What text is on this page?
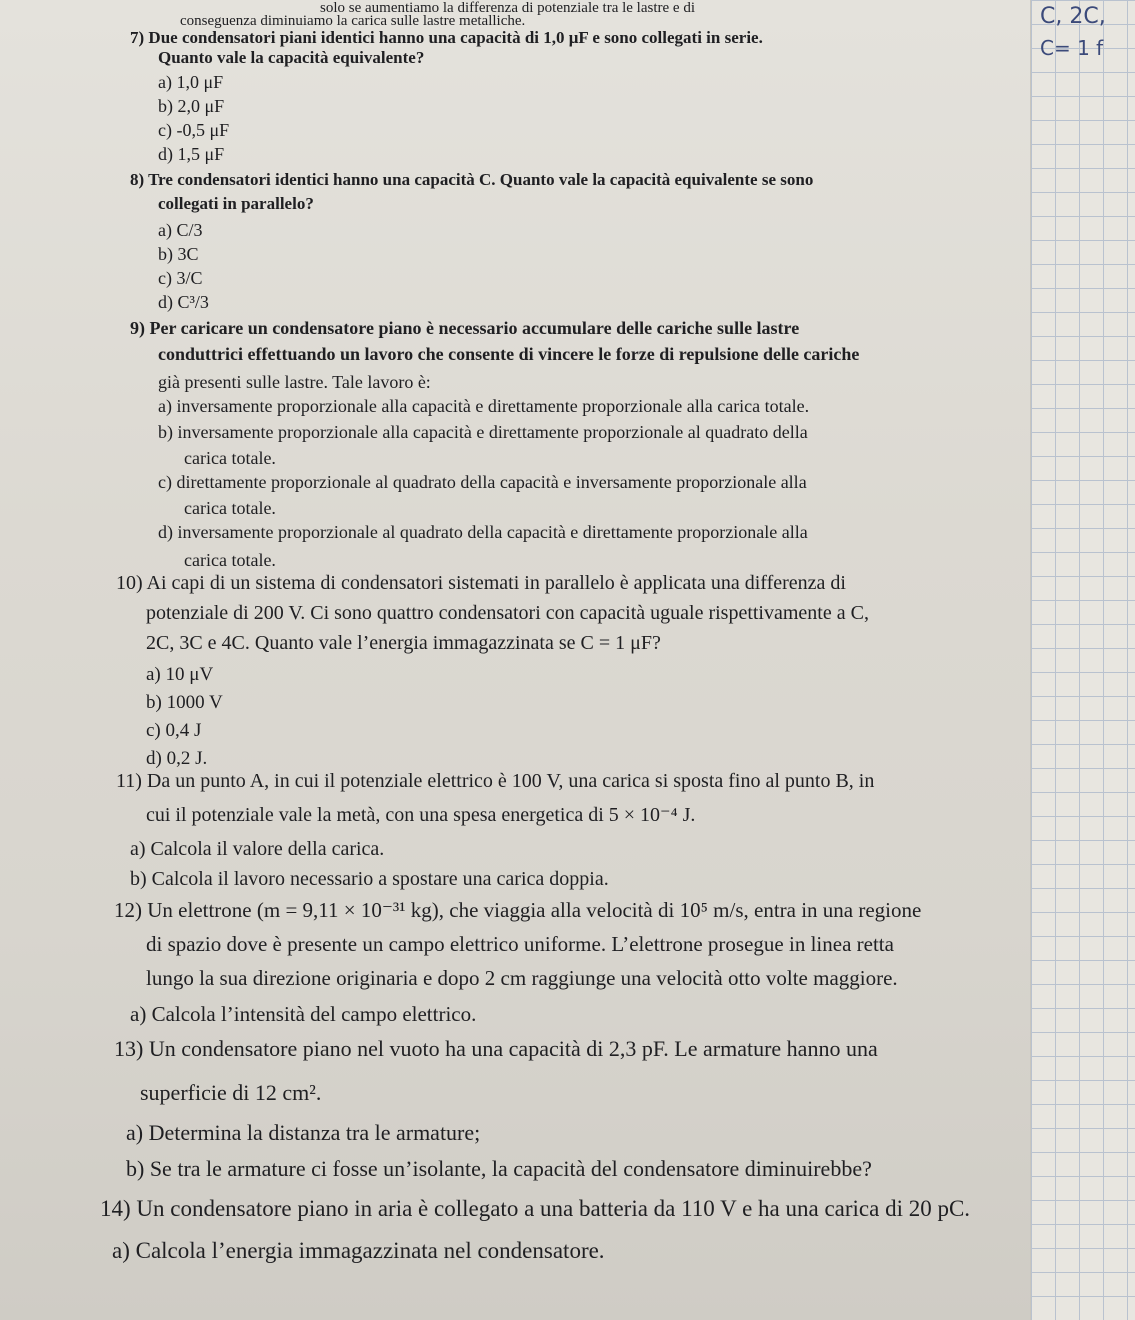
C, 2C,
C= 1 f
solo se aumentiamo la differenza di potenziale tra le lastre e di
conseguenza diminuiamo la carica sulle lastre metalliche.
7) Due condensatori piani identici hanno una capacità di 1,0 μF e sono collegati in serie.
Quanto vale la capacità equivalente?
a) 1,0 μF
b) 2,0 μF
c) -0,5 μF
d) 1,5 μF
8) Tre condensatori identici hanno una capacità C. Quanto vale la capacità equivalente se sono
collegati in parallelo?
a) C/3
b) 3C
c) 3/C
d) C³/3
9) Per caricare un condensatore piano è necessario accumulare delle cariche sulle lastre
conduttrici effettuando un lavoro che consente di vincere le forze di repulsione delle cariche
già presenti sulle lastre. Tale lavoro è:
a) inversamente proporzionale alla capacità e direttamente proporzionale alla carica totale.
b) inversamente proporzionale alla capacità e direttamente proporzionale al quadrato della
carica totale.
c) direttamente proporzionale al quadrato della capacità e inversamente proporzionale alla
carica totale.
d) inversamente proporzionale al quadrato della capacità e direttamente proporzionale alla
carica totale.
10) Ai capi di un sistema di condensatori sistemati in parallelo è applicata una differenza di
potenziale di 200 V. Ci sono quattro condensatori con capacità uguale rispettivamente a C,
2C, 3C e 4C. Quanto vale l’energia immagazzinata se C = 1 μF?
a) 10 μV
b) 1000 V
c) 0,4 J
d) 0,2 J.
11) Da un punto A, in cui il potenziale elettrico è 100 V, una carica si sposta fino al punto B, in
cui il potenziale vale la metà, con una spesa energetica di 5 × 10⁻⁴ J.
a) Calcola il valore della carica.
b) Calcola il lavoro necessario a spostare una carica doppia.
12) Un elettrone (m = 9,11 × 10⁻³¹ kg), che viaggia alla velocità di 10⁵ m/s, entra in una regione
di spazio dove è presente un campo elettrico uniforme. L’elettrone prosegue in linea retta
lungo la sua direzione originaria e dopo 2 cm raggiunge una velocità otto volte maggiore.
a) Calcola l’intensità del campo elettrico.
13) Un condensatore piano nel vuoto ha una capacità di 2,3 pF. Le armature hanno una
superficie di 12 cm².
a) Determina la distanza tra le armature;
b) Se tra le armature ci fosse un’isolante, la capacità del condensatore diminuirebbe?
14) Un condensatore piano in aria è collegato a una batteria da 110 V e ha una carica di 20 pC.
a) Calcola l’energia immagazzinata nel condensatore.
